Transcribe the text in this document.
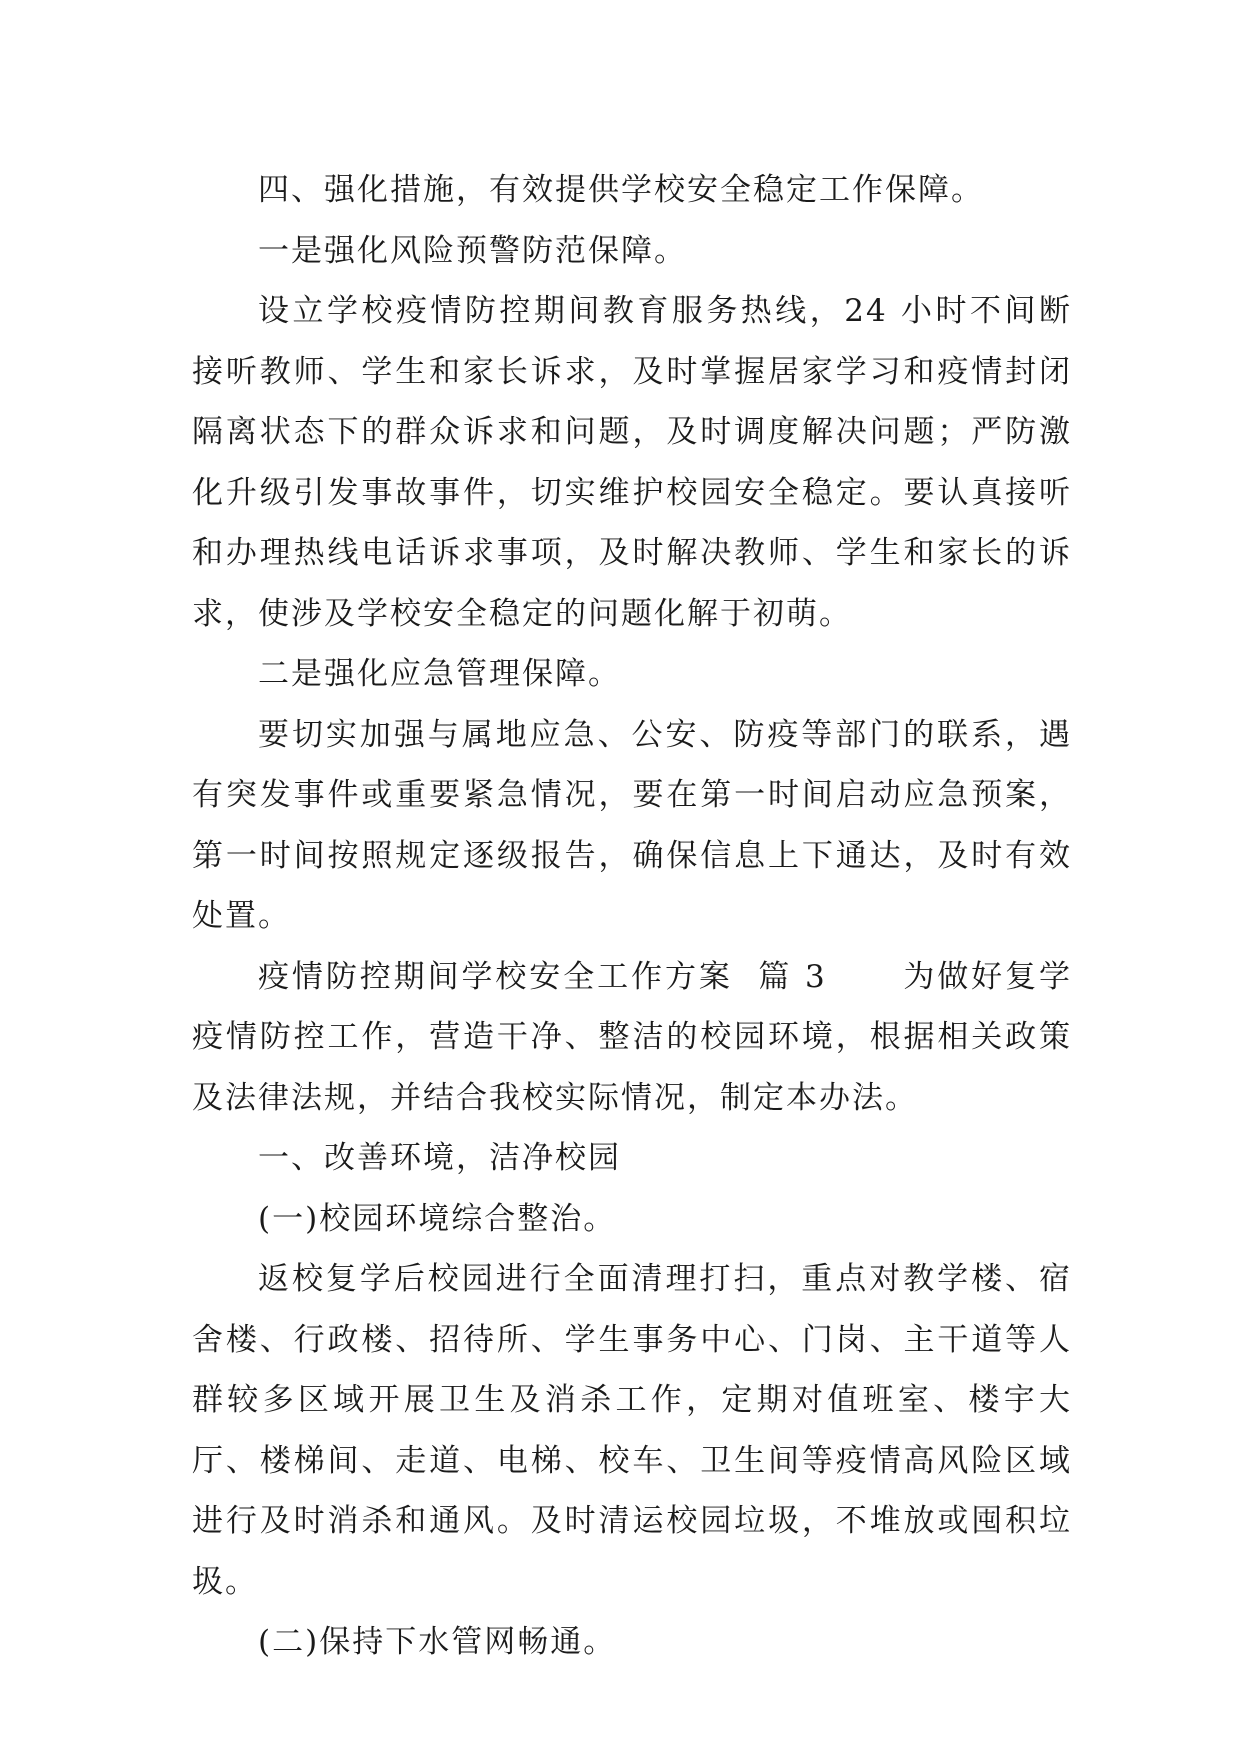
四、强化措施，有效提供学校安全稳定工作保障。

一是强化风险预警防范保障。

设立学校疫情防控期间教育服务热线，24 小时不间断接听教师、学生和家长诉求，及时掌握居家学习和疫情封闭隔离状态下的群众诉求和问题，及时调度解决问题；严防激化升级引发事故事件，切实维护校园安全稳定。要认真接听和办理热线电话诉求事项，及时解决教师、学生和家长的诉求，使涉及学校安全稳定的问题化解于初萌。

二是强化应急管理保障。

要切实加强与属地应急、公安、防疫等部门的联系，遇有突发事件或重要紧急情况，要在第一时间启动应急预案，第一时间按照规定逐级报告，确保信息上下通达，及时有效处置。

疫情防控期间学校安全工作方案  篇 3      为做好复学疫情防控工作，营造干净、整洁的校园环境，根据相关政策及法律法规，并结合我校实际情况，制定本办法。

一、改善环境，洁净校园

(一)校园环境综合整治。

返校复学后校园进行全面清理打扫，重点对教学楼、宿舍楼、行政楼、招待所、学生事务中心、门岗、主干道等人群较多区域开展卫生及消杀工作，定期对值班室、楼宇大厅、楼梯间、走道、电梯、校车、卫生间等疫情高风险区域进行及时消杀和通风。及时清运校园垃圾，不堆放或囤积垃圾。

(二)保持下水管网畅通。
